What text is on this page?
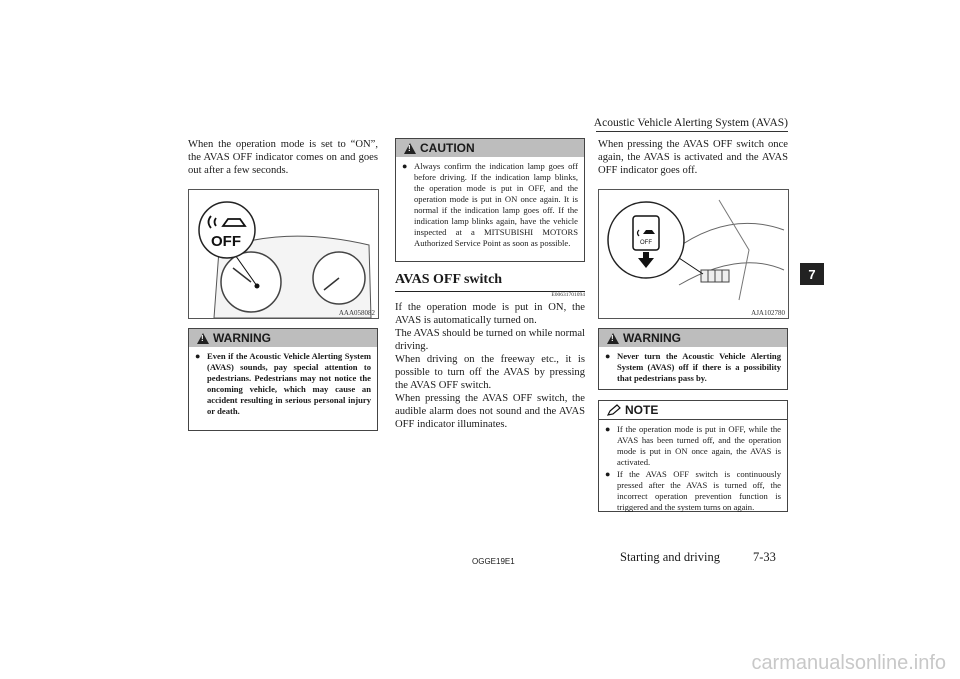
Acoustic Vehicle Alerting System (AVAS)
7
When the operation mode is set to “ON”, the AVAS OFF indicator comes on and goes out after a few seconds.
OFF
AAA058082
!
WARNING
● Even if the Acoustic Vehicle Alerting System (AVAS) sounds, pay special attention to pedestrians. Pedestrians may not notice the oncoming vehicle, which may cause an accident resulting in serious personal injury or death.
!
CAUTION
● Always confirm the indication lamp goes off before driving. If the indication lamp blinks, the operation mode is put in OFF, and the operation mode is put in ON once again. It is normal if the indication lamp goes off. If the indication lamp blinks again, have the vehicle inspected at a MITSUBISHI MOTORS Authorized Service Point as soon as possible.
AVAS OFF switch
E00631701094
If the operation mode is put in ON, the AVAS is automatically turned on.
The AVAS should be turned on while normal driving.
When driving on the freeway etc., it is possible to turn off the AVAS by pressing the AVAS OFF switch.
When pressing the AVAS OFF switch, the audible alarm does not sound and the AVAS OFF indicator illuminates.
When pressing the AVAS OFF switch once again, the AVAS is activated and the AVAS OFF indicator goes off.
OFF
AJA102780
!
WARNING
● Never turn the Acoustic Vehicle Alerting System (AVAS) off if there is a possibility that pedestrians pass by.
NOTE
● If the operation mode is put in OFF, while the AVAS has been turned off, and the operation mode is put in ON once again, the AVAS is activated.
● If the AVAS OFF switch is continuously pressed after the AVAS is turned off, the incorrect operation prevention function is triggered and the system turns on again.
OGGE19E1	Starting and driving	7-33
carmanualsonline.info
